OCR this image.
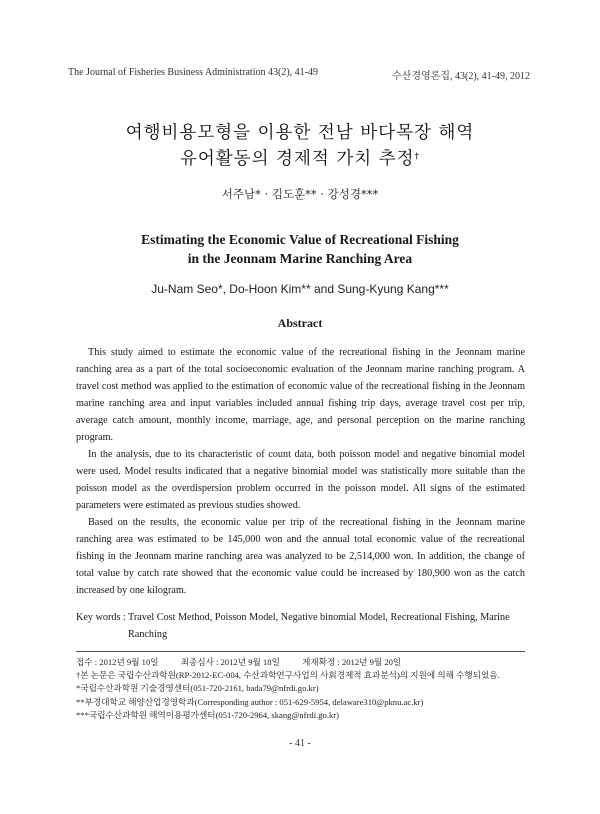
The Journal of Fisheries Business Administration 43(2), 41-49	수산경영론집, 43(2), 41-49, 2012
여행비용모형을 이용한 전남 바다목장 해역
유어활동의 경제적 가치 추정†
서주남* · 김도훈** · 강성경***
Estimating the Economic Value of Recreational Fishing
in the Jeonnam Marine Ranching Area
Ju-Nam Seo*, Do-Hoon Kim** and Sung-Kyung Kang***
Abstract

This study aimed to estimate the economic value of the recreational fishing in the Jeonnam marine ranching area as a part of the total socioeconomic evaluation of the Jeonnam marine ranching program. A travel cost method was applied to the estimation of economic value of the recreational fishing in the Jeonnam marine ranching area and input variables included annual fishing trip days, average travel cost per trip, average catch amount, monthly income, marriage, age, and personal perception on the marine ranching program.

In the analysis, due to its characteristic of count data, both poisson model and negative binomial model were used. Model results indicated that a negative binomial model was statistically more suitable than the poisson model as the overdispersion problem occurred in the poisson model. All signs of the estimated parameters were estimated as previous studies showed.

Based on the results, the economic value per trip of the recreational fishing in the Jeonnam marine ranching area was estimated to be 145,000 won and the annual total economic value of the recreational fishing in the Jeonnam marine ranching area was analyzed to be 2,514,000 won. In addition, the change of total value by catch rate showed that the economic value could be increased by 180,900 won as the catch increased by one kilogram.

Key words : Travel Cost Method, Poisson Model, Negative binomial Model, Recreational Fishing, Marine Ranching
접수 : 2012년 9월 10일	최종심사 : 2012년 9월 18일	게재확정 : 2012년 9월 20일
†본 논문은 국립수산과학원(RP-2012-EC-004, 수산과학연구사업의 사회경제적 효과분석)의 지원에 의해 수행되었음.
*국립수산과학원 기술경영센터(051-720-2161, bada79@nfrdi.go.kr)
**부경대학교 해양산업경영학과(Corresponding author : 051-629-5954, delaware310@pknu.ac.kr)
***국립수산과학원 해역이용평가센터(051-720-2964, skang@nfrdi.go.kr)
- 41 -
